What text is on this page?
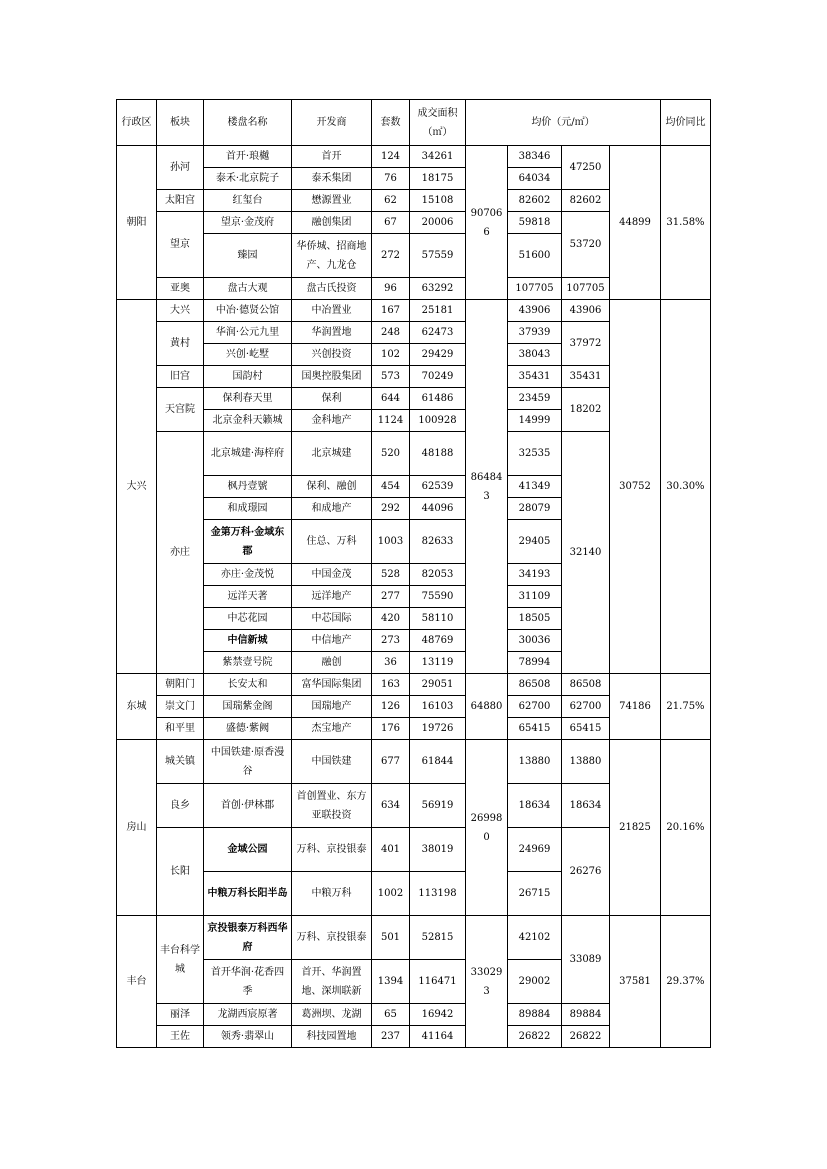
行政区	板块	楼盘名称	开发商	套数	成交面积（㎡）	均价（元/㎡）				均价同比
朝阳	孙河	首开·琅樾	首开	124	34261	907066	38346	47250	44899	31.58%
		泰禾·北京院子	泰禾集团	76	18175		64034			
	太阳宫	红玺台	懋源置业	62	15108		82602	82602		
	望京	望京·金茂府	融创集团	67	20006		59818	53720		
		臻园	华侨城、招商地产、九龙仓	272	57559		51600			
	亚奥	盘古大观	盘古氏投资	96	63292		107705	107705		

大兴	大兴	中冶·德贤公馆	中冶置业	167	25181	864843	43906	43906	30752	30.30%
	黄村	华润·公元九里	华润置地	248	62473		37939	37972		
		兴创·屹墅	兴创投资	102	29429		38043			
	旧宫	国韵村	国奥控股集团	573	70249		35431	35431		
	天宫院	保利春天里	保利	644	61486		23459	18202		
		北京金科天籁城	金科地产	1124	100928		14999			
	亦庄	北京城建·海梓府	北京城建	520	48188		32535	32140		
		枫丹壹號	保利、融创	454	62539		41349			
		和成璟园	和成地产	292	44096		28079			
		金第万科·金域东郡	住总、万科	1003	82633		29405			
		亦庄·金茂悦	中国金茂	528	82053		34193			
		远洋天著	远洋地产	277	75590		31109			
		中芯花园	中芯国际	420	58110		18505			
		中信新城	中信地产	273	48769		30036			
		紫禁壹号院	融创	36	13119		78994			

东城	朝阳门	长安太和	富华国际集团	163	29051	64880	86508	86508	74186	21.75%
	崇文门	国瑞紫金阁	国瑞地产	126	16103		62700	62700		
	和平里	盛德·紫阙	杰宝地产	176	19726		65415	65415		
房山	城关镇	中国铁建·原香漫谷	中国铁建	677	61844	269980	13880	13880	21825	20.16%
	良乡	首创·伊林郡	首创置业、东方亚联投资	634	56919		18634	18634		
	长阳	金域公园	万科、京投银泰	401	38019		24969	26276		
		中粮万科长阳半岛	中粮万科	1002	113198		26715			
丰台	丰台科学城	京投银泰万科西华府	万科、京投银泰	501	52815	330293	42102	33089	37581	29.37%
		首开华润·花香四季	首开、华润置地、深圳联新	1394	116471		29002			
	丽泽	龙湖西宸原著	葛洲坝、龙湖	65	16942		89884	89884		
	王佐	领秀·翡翠山	科技园置地	237	41164		26822	26822		
